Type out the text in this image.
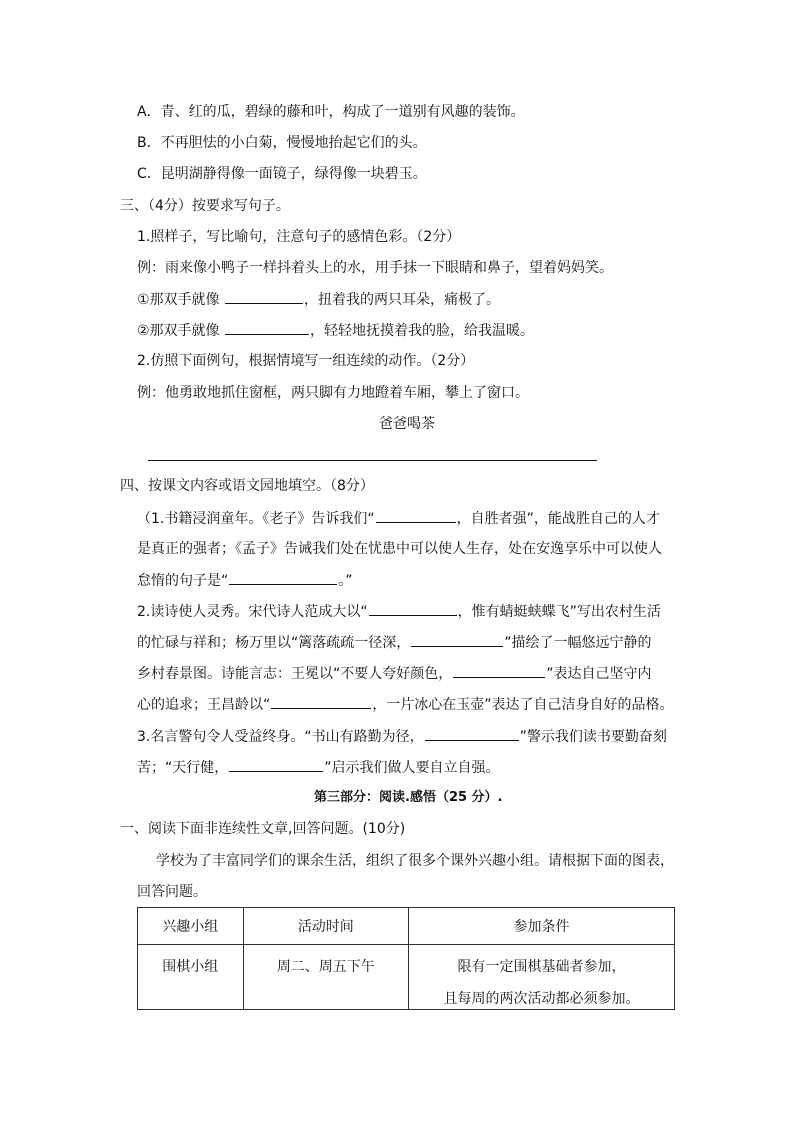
A．青、红的瓜，碧绿的藤和叶，构成了一道别有风趣的装饰。
B．不再胆怯的小白菊，慢慢地抬起它们的头。
C．昆明湖静得像一面镜子，绿得像一块碧玉。
三、（4分）按要求写句子。
1.照样子，写比喻句，注意句子的感情色彩。（2分）
例：雨来像小鸭子一样抖着头上的水，用手抹一下眼睛和鼻子，望着妈妈笑。
①那双手就像	，扭着我的两只耳朵，痛极了。
②那双手就像	，轻轻地抚摸着我的脸，给我温暖。
2.仿照下面例句，根据情境写一组连续的动作。（2分）
例：他勇敢地抓住窗框，两只脚有力地蹬着车厢，攀上了窗口。
爸爸喝茶
四、按课文内容或语文园地填空。（8分）
（1.书籍浸润童年。《老子》告诉我们“	，自胜者强”，能战胜自己的人才
是真正的强者；《孟子》告诫我们处在忧患中可以使人生存，处在安逸享乐中可以使人
怠惰的句子是“	。”
2.读诗使人灵秀。宋代诗人范成大以“	，惟有蜻蜓蛱蝶飞”写出农村生活
的忙碌与祥和；杨万里以“篱落疏疏一径深，	”描绘了一幅悠远宁静的
乡村春景图。诗能言志：王冕以“不要人夸好颜色，	”表达自己坚守内
心的追求；王昌龄以“	，一片冰心在玉壶”表达了自己洁身自好的品格。
3.名言警句令人受益终身。“书山有路勤为径，	”警示我们读书要勤奋刻
苦；“天行健，	”启示我们做人要自立自强。
第三部分：阅读.感悟（25 分）.
一、阅读下面非连续性文章,回答问题。(10分)
学校为了丰富同学们的课余生活，组织了很多个课外兴趣小组。请根据下面的图表，
回答问题。
兴趣小组	活动时间	参加条件

围棋小组	周二、周五下午	限有一定围棋基础者参加，
且每周的两次活动都必须参加。
